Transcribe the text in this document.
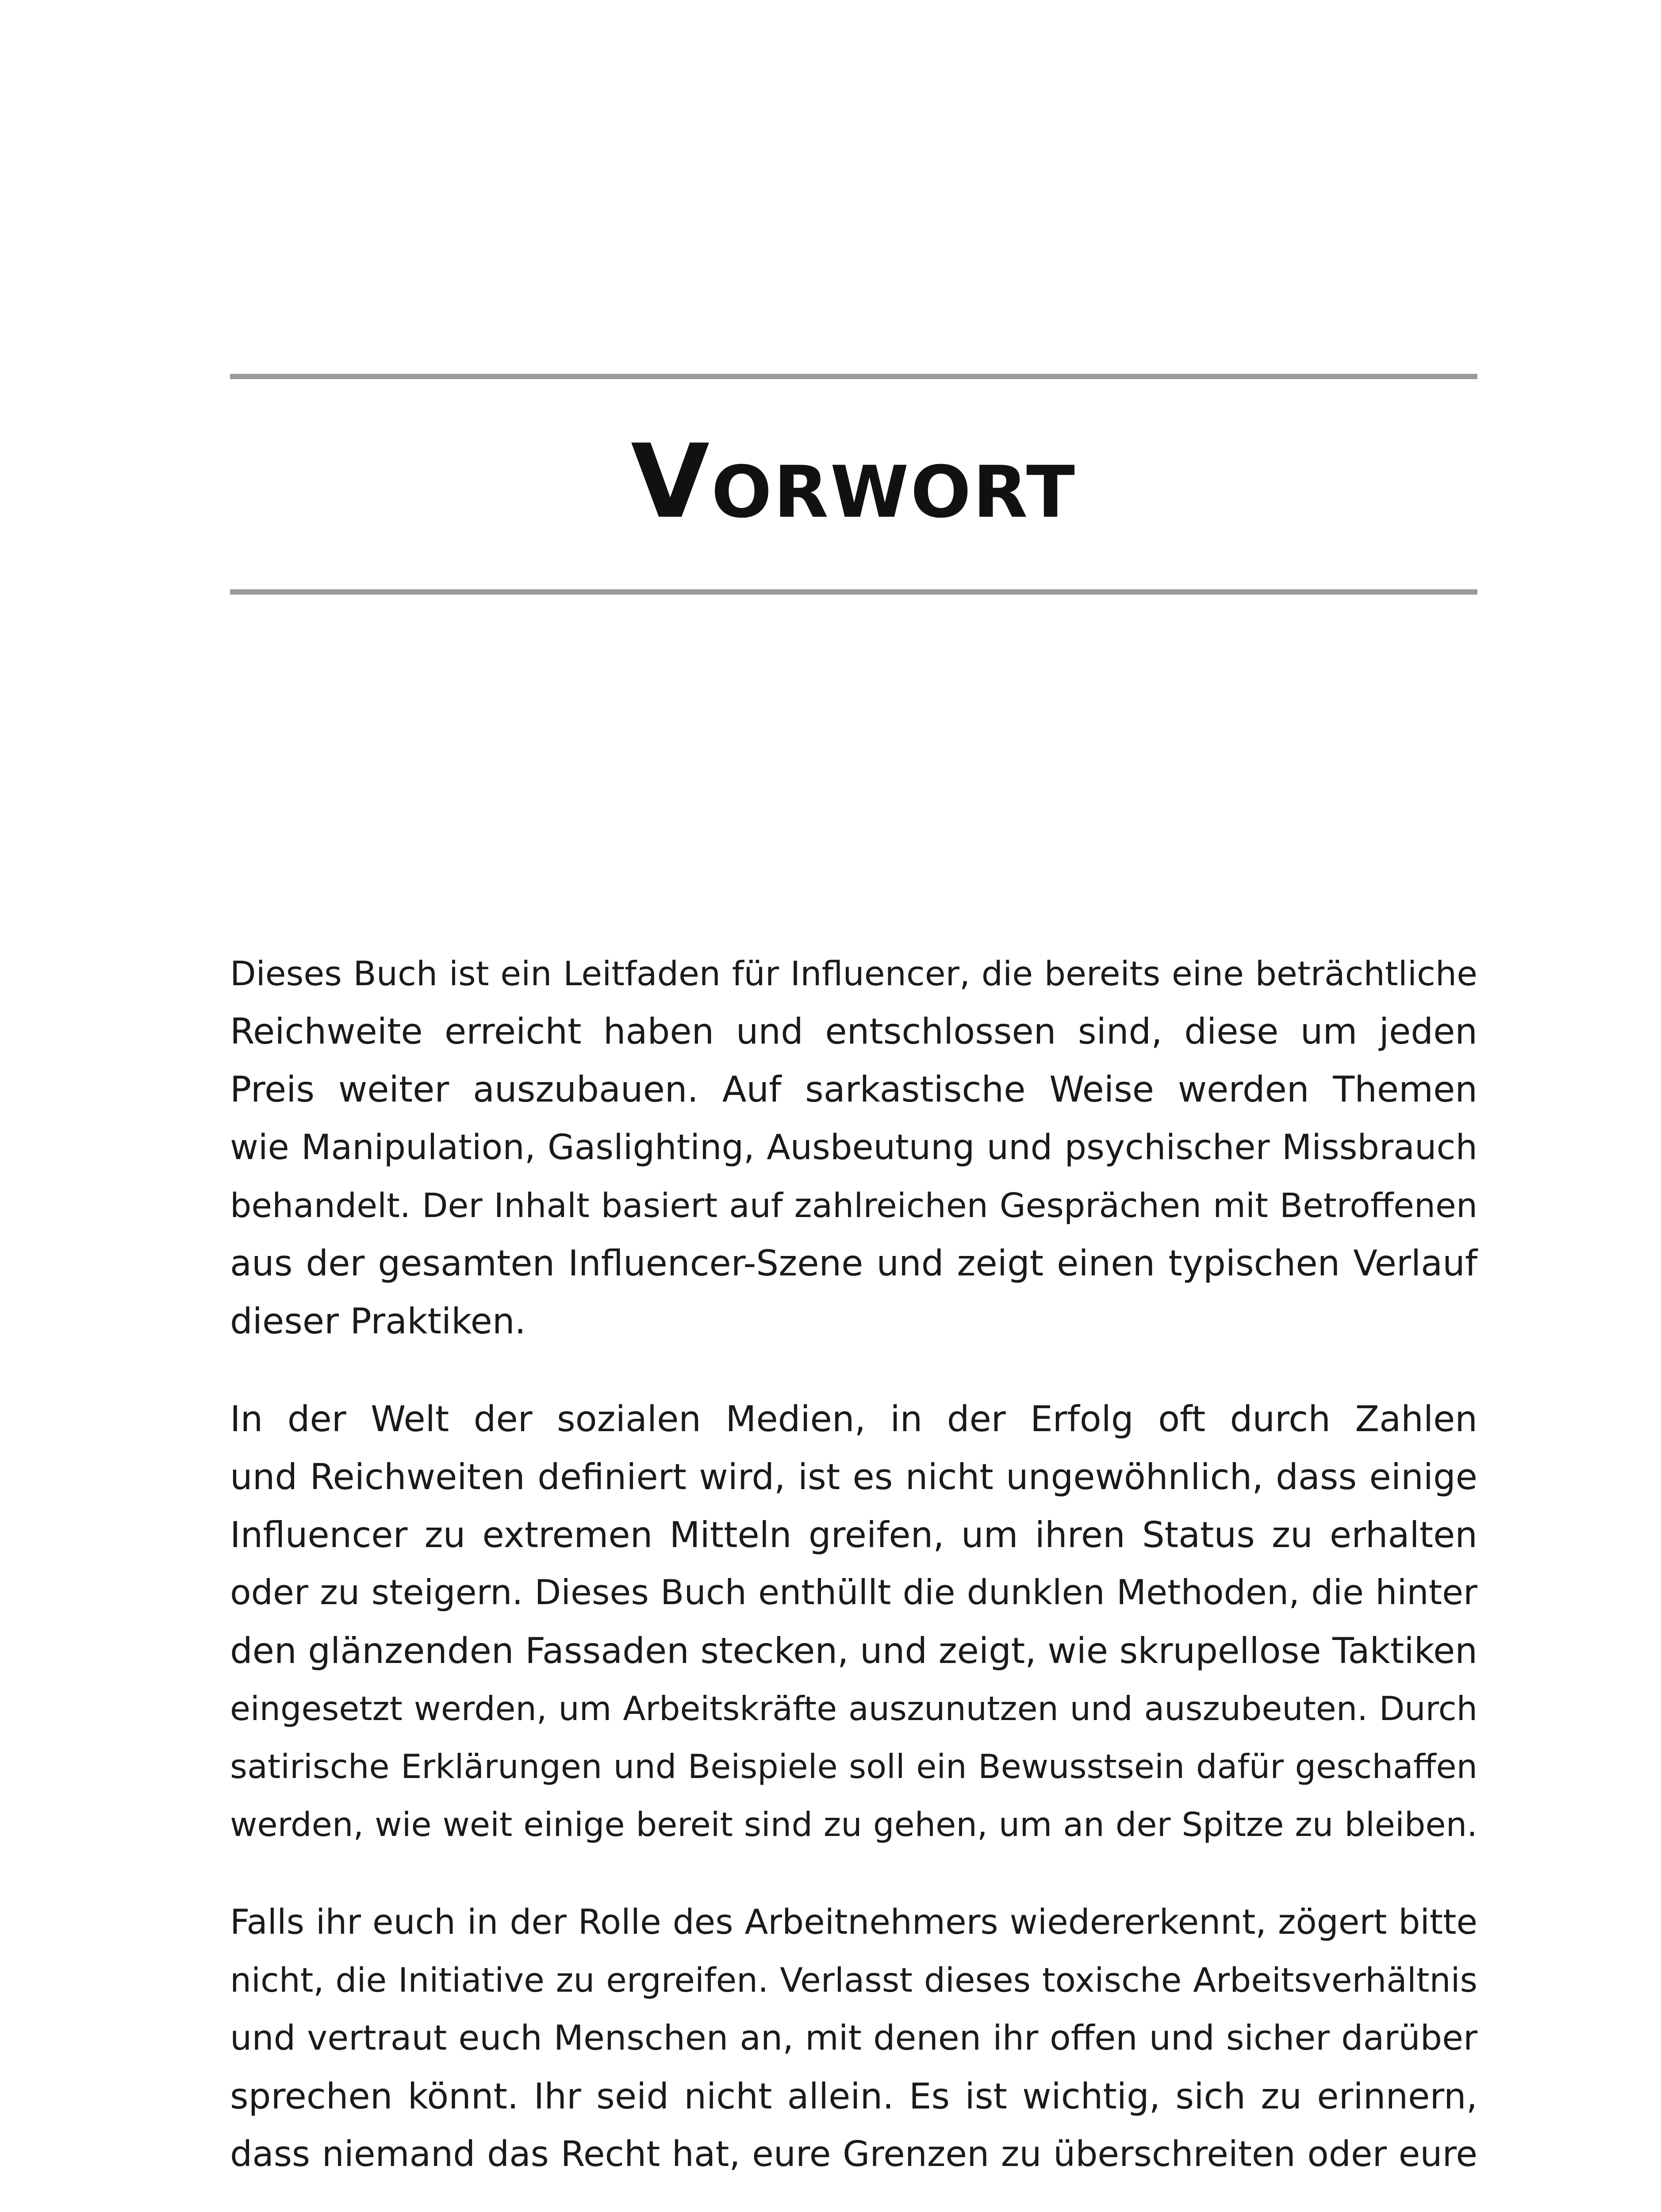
Vorwort

Dieses Buch ist ein Leitfaden für Influencer, die bereits eine beträchtliche
Reichweite erreicht haben und entschlossen sind, diese um jeden
Preis weiter auszubauen. Auf sarkastische Weise werden Themen
wie Manipulation, Gaslighting, Ausbeutung und psychischer Missbrauch
behandelt. Der Inhalt basiert auf zahlreichen Gesprächen mit Betroffenen
aus der gesamten Influencer-Szene und zeigt einen typischen Verlauf
dieser Praktiken.

In der Welt der sozialen Medien, in der Erfolg oft durch Zahlen
und Reichweiten definiert wird, ist es nicht ungewöhnlich, dass einige
Influencer zu extremen Mitteln greifen, um ihren Status zu erhalten
oder zu steigern. Dieses Buch enthüllt die dunklen Methoden, die hinter
den glänzenden Fassaden stecken, und zeigt, wie skrupellose Taktiken
eingesetzt werden, um Arbeitskräfte auszunutzen und auszubeuten. Durch
satirische Erklärungen und Beispiele soll ein Bewusstsein dafür geschaffen
werden, wie weit einige bereit sind zu gehen, um an der Spitze zu bleiben.

Falls ihr euch in der Rolle des Arbeitnehmers wiedererkennt, zögert bitte
nicht, die Initiative zu ergreifen. Verlasst dieses toxische Arbeitsverhältnis
und vertraut euch Menschen an, mit denen ihr offen und sicher darüber
sprechen könnt. Ihr seid nicht allein. Es ist wichtig, sich zu erinnern,
dass niemand das Recht hat, eure Grenzen zu überschreiten oder eure
